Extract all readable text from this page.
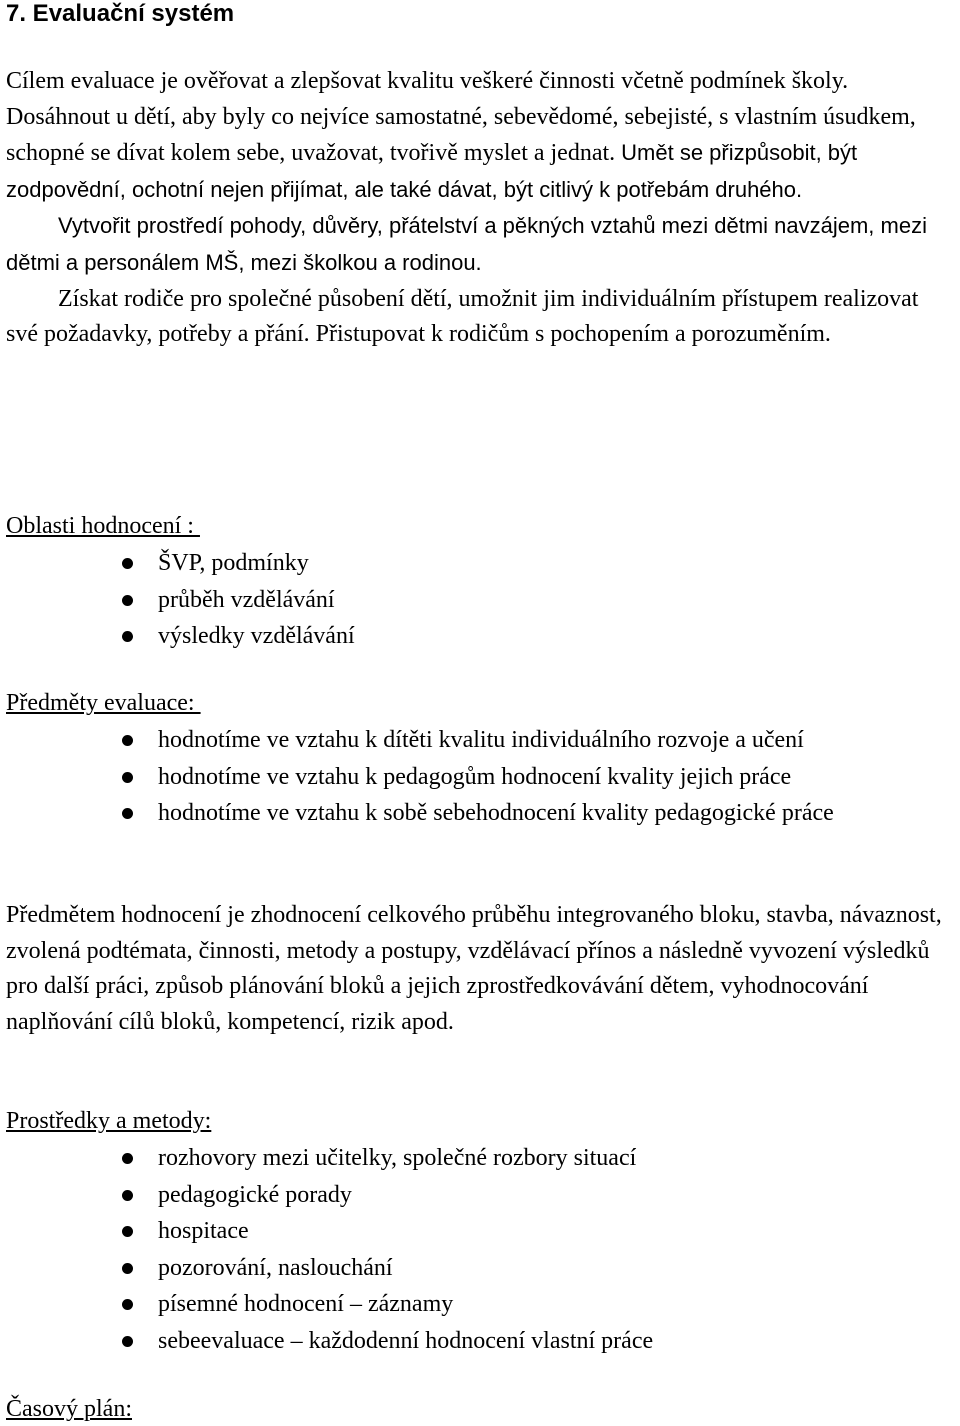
7. Evaluační systém
Cílem evaluace je ověřovat a zlepšovat kvalitu veškeré činnosti včetně podmínek školy. Dosáhnout u dětí, aby byly co nejvíce samostatné, sebevědomé, sebejisté, s vlastním úsudkem, schopné se dívat kolem sebe, uvažovat, tvořivě myslet a jednat. Umět se přizpůsobit, být zodpovědní, ochotní nejen přijímat, ale také dávat, být citlivý k potřebám druhého.
Vytvořit prostředí pohody, důvěry, přátelství a pěkných vztahů mezi dětmi navzájem, mezi dětmi a personálem MŠ, mezi školkou a rodinou.
Získat rodiče pro společné působení dětí, umožnit jim individuálním přístupem realizovat své požadavky, potřeby a přání. Přistupovat k rodičům s pochopením a porozuměním.

Oblasti hodnocení :

ŠVP, podmínky
průběh vzdělávání
výsledky vzdělávání

Předměty evaluace:

hodnotíme ve vztahu k dítěti kvalitu individuálního rozvoje a učení
hodnotíme ve vztahu k pedagogům hodnocení kvality jejich práce
hodnotíme ve vztahu k sobě sebehodnocení kvality pedagogické práce

Předmětem hodnocení je zhodnocení celkového průběhu integrovaného bloku, stavba, návaznost, zvolená podtémata, činnosti, metody a postupy, vzdělávací přínos a následně vyvození výsledků pro další práci, způsob plánování bloků a jejich zprostředkovávání dětem, vyhodnocování naplňování cílů bloků, kompetencí, rizik apod.

Prostředky a metody:

rozhovory mezi učitelky, společné rozbory situací
pedagogické porady
hospitace
pozorování, naslouchání
písemné hodnocení – záznamy
sebeevaluace – každodenní hodnocení vlastní práce

Časový plán:
